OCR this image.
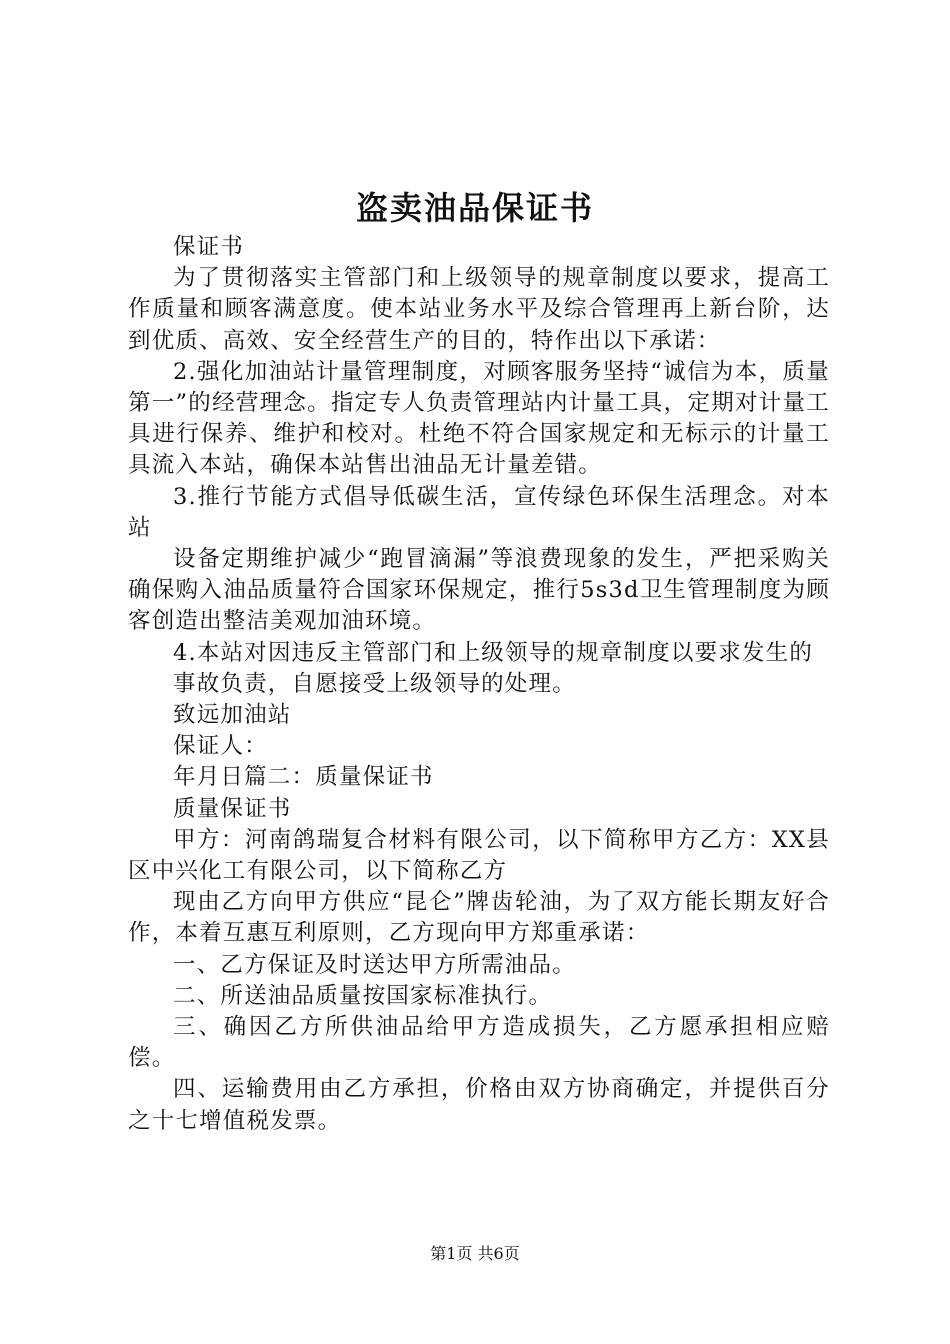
盗卖油品保证书

保证书

为了贯彻落实主管部门和上级领导的规章制度以要求，提高工作质量和顾客满意度。使本站业务水平及综合管理再上新台阶，达到优质、高效、安全经营生产的目的，特作出以下承诺：

2.强化加油站计量管理制度，对顾客服务坚持“诚信为本，质量第一”的经营理念。指定专人负责管理站内计量工具，定期对计量工具进行保养、维护和校对。杜绝不符合国家规定和无标示的计量工具流入本站，确保本站售出油品无计量差错。

3.推行节能方式倡导低碳生活，宣传绿色环保生活理念。对本站

设备定期维护减少“跑冒滴漏”等浪费现象的发生，严把采购关确保购入油品质量符合国家环保规定，推行5s3d卫生管理制度为顾客创造出整洁美观加油环境。

4.本站对因违反主管部门和上级领导的规章制度以要求发生的

事故负责，自愿接受上级领导的处理。

致远加油站

保证人：

年月日篇二：质量保证书

质量保证书

甲方：河南鸽瑞复合材料有限公司，以下简称甲方乙方：XX县区中兴化工有限公司，以下简称乙方

现由乙方向甲方供应“昆仑”牌齿轮油，为了双方能长期友好合作，本着互惠互利原则，乙方现向甲方郑重承诺：

一、乙方保证及时送达甲方所需油品。

二、所送油品质量按国家标准执行。

三、确因乙方所供油品给甲方造成损失，乙方愿承担相应赔偿。

四、运输费用由乙方承担，价格由双方协商确定，并提供百分之十七增值税发票。

第1页 共6页
